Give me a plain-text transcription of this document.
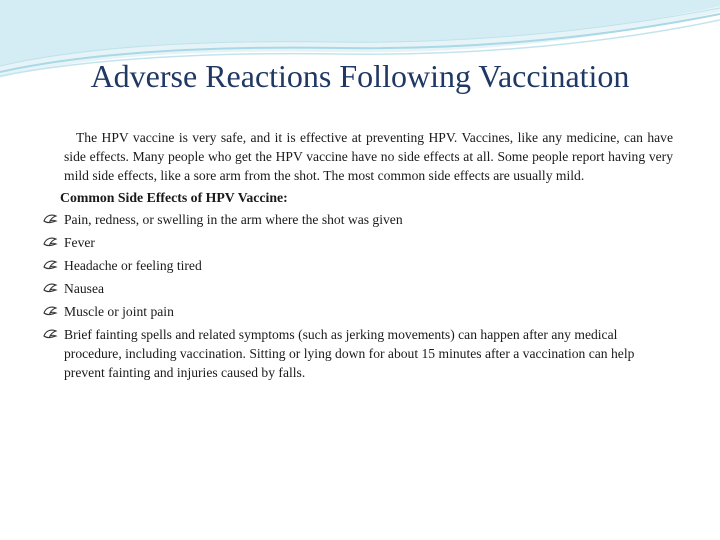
Adverse Reactions Following Vaccination

The HPV vaccine is very safe, and it is effective at preventing HPV. Vaccines, like any medicine, can have side effects. Many people who get the HPV vaccine have no side effects at all. Some people report having very mild side effects, like a sore arm from the shot. The most common side effects are usually mild.

Common Side Effects of HPV Vaccine:
Pain, redness, or swelling in the arm where the shot was given
Fever
Headache or feeling tired
Nausea
Muscle or joint pain
Brief fainting spells and related symptoms (such as jerking movements) can happen after any medical procedure, including vaccination. Sitting or lying down for about 15 minutes after a vaccination can help prevent fainting and injuries caused by falls.
